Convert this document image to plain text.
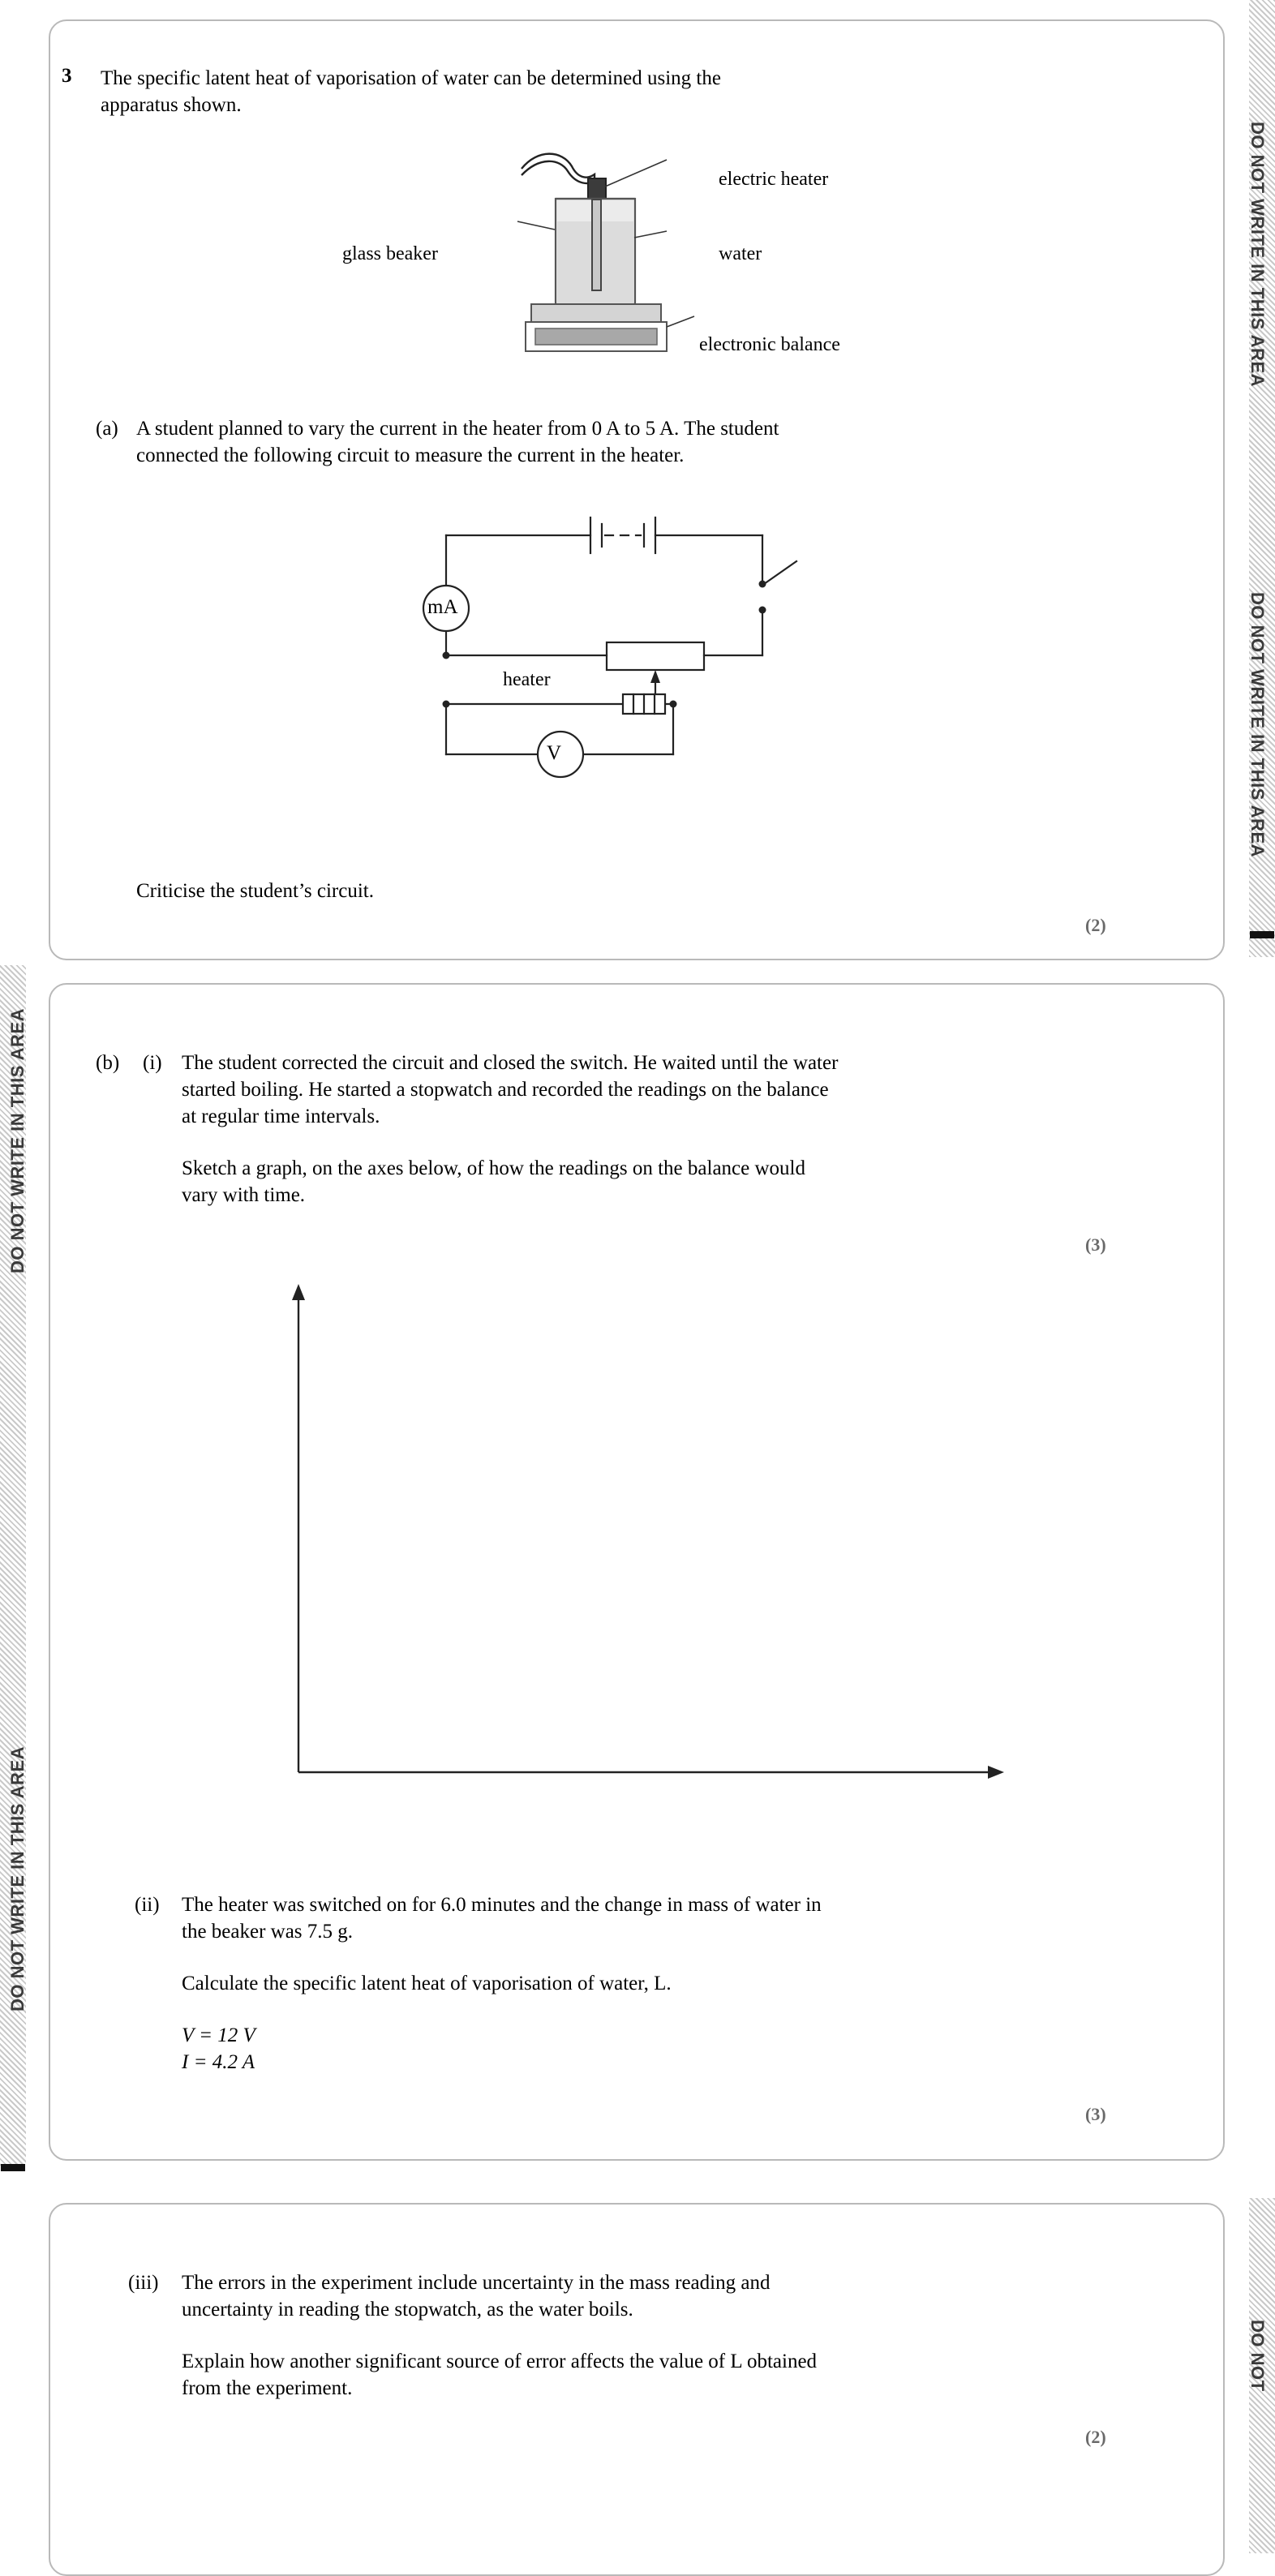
DO NOT WRITE IN THIS AREA
DO NOT WRITE IN THIS AREA
DO NOT
DO NOT WRITE IN THIS AREA
DO NOT WRITE IN THIS AREA
3 The specific latent heat of vaporisation of water can be determined using the
apparatus shown.
electric heater
glass beaker	water
electronic balance
(a) A student planned to vary the current in the heater from 0 A to 5 A. The student
connected the following circuit to measure the current in the heater.
mA
V
heater
Criticise the student’s circuit.
(2)
(b) (i) The student corrected the circuit and closed the switch. He waited until the water
started boiling. He started a stopwatch and recorded the readings on the balance
at regular time intervals.
Sketch a graph, on the axes below, of how the readings on the balance would
vary with time.
(3)
(ii) The heater was switched on for 6.0 minutes and the change in mass of water in
the beaker was 7.5 g.
Calculate the specific latent heat of vaporisation of water, L.
V = 12 V
I = 4.2 A
(3)
(iii) The errors in the experiment include uncertainty in the mass reading and
uncertainty in reading the stopwatch, as the water boils.
Explain how another significant source of error affects the value of L obtained
from the experiment.
(2)
